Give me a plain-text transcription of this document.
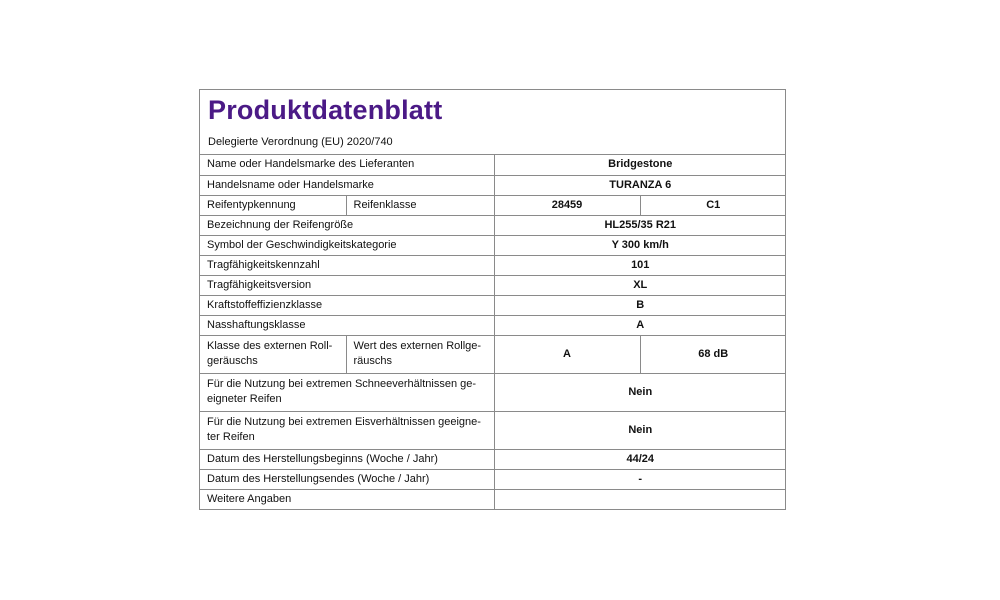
Produktdatenblatt
Delegierte Verordnung (EU) 2020/740
Name oder Handelsmarke des Lieferanten		Bridgestone	
Handelsname oder Handelsmarke		TURANZA 6	
Reifentypkennung	Reifenklasse	28459	C1
Bezeichnung der Reifengröße		HL255/35 R21	
Symbol der Geschwindigkeitskategorie		Y 300 km/h	
Tragfähigkeitskennzahl		101	
Tragfähigkeitsversion		XL	
Kraftstoffeffizienzklasse		B	
Nasshaftungsklasse		A	
Klasse des externen Roll-
geräuschs	Wert des externen Rollge-
räuschs	A	68 dB
Für die Nutzung bei extremen Schneeverhältnissen ge-
eigneter Reifen		Nein	
Für die Nutzung bei extremen Eisverhältnissen geeigne-
ter Reifen		Nein	
Datum des Herstellungsbeginns (Woche / Jahr)		44/24	
Datum des Herstellungsendes (Woche / Jahr)		-	
Weitere Angaben			
